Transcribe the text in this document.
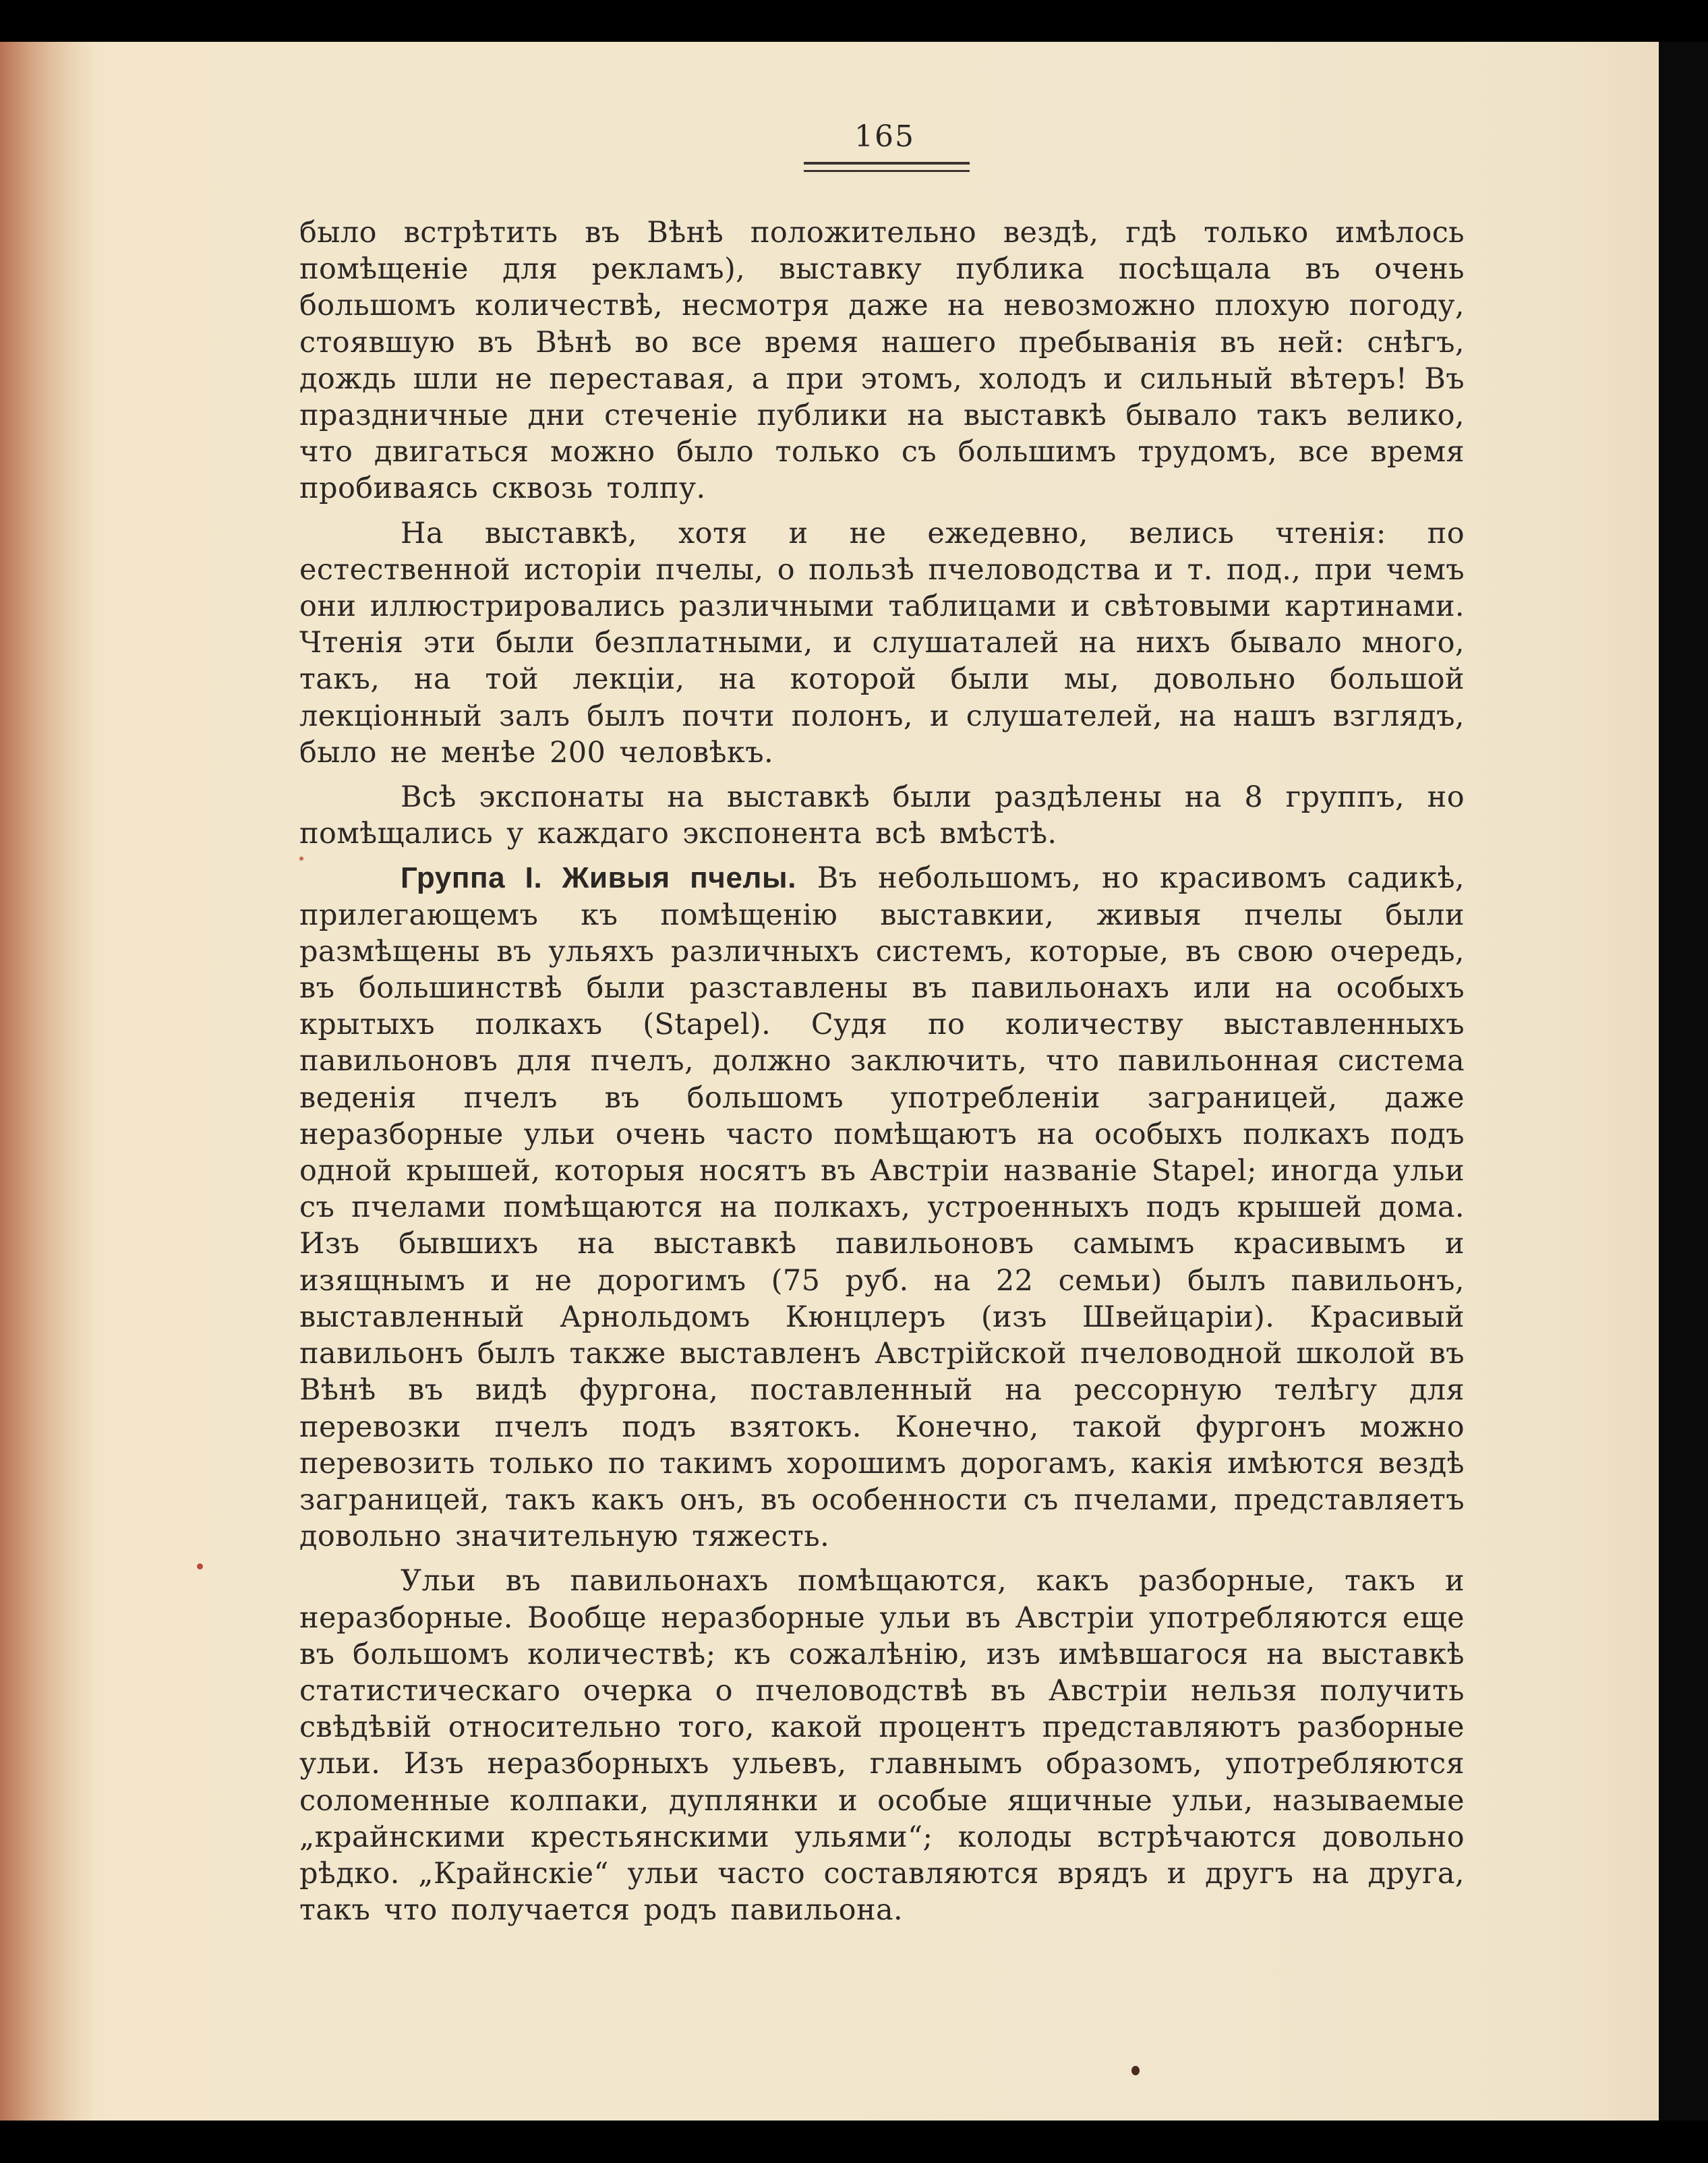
165

было встрѣтить въ Вѣнѣ положительно вездѣ, гдѣ только имѣлось помѣщеніе для рекламъ), выставку публика посѣщала въ очень большомъ количествѣ, несмотря даже на невозможно плохую погоду, стоявшую въ Вѣнѣ во все время нашего пребыванія въ ней: снѣгъ, дождь шли не переставая, а при этомъ, холодъ и сильный вѣтеръ! Въ праздничные дни стеченіе публики на выставкѣ бывало такъ велико, что двигаться можно было только съ большимъ трудомъ, все время пробиваясь сквозь толпу.

На выставкѣ, хотя и не ежедевно, велись чтенія: по естественной исторіи пчелы, о пользѣ пчеловодства и т. под., при чемъ они иллюстрировались различными таблицами и свѣтовыми картинами. Чтенія эти были безплатными, и слушаталей на нихъ бывало много, такъ, на той лекціи, на которой были мы, довольно большой лекціонный залъ былъ почти полонъ, и слушателей, на нашъ взглядъ, было не менѣе 200 человѣкъ.

Всѣ экспонаты на выставкѣ были раздѣлены на 8 группъ, но помѣщались у каждаго экспонента всѣ вмѣстѣ.

Группа I. Живыя пчелы. Въ небольшомъ, но красивомъ садикѣ, прилегающемъ къ помѣщенію выставкии, живыя пчелы были размѣщены въ ульяхъ различныхъ системъ, которые, въ свою очередь, въ большинствѣ были разставлены въ павильонахъ или на особыхъ крытыхъ полкахъ (Stapel). Судя по количеству выставленныхъ павильоновъ для пчелъ, должно заключить, что павильонная система веденія пчелъ въ большомъ употребленіи заграницей, даже неразборные ульи очень часто помѣщаютъ на особыхъ полкахъ подъ одной крышей, которыя носятъ въ Австріи названіе Stapel; иногда ульи съ пчелами помѣщаются на полкахъ, устроенныхъ подъ крышей дома. Изъ бывшихъ на выставкѣ павильоновъ самымъ красивымъ и изящнымъ и не дорогимъ (75 руб. на 22 семьи) былъ павильонъ, выставленный Арнольдомъ Кюнцлеръ (изъ Швейцаріи). Красивый павильонъ былъ также выставленъ Австрійской пчеловодной школой въ Вѣнѣ въ видѣ фургона, поставленный на рессорную телѣгу для перевозки пчелъ подъ взятокъ. Конечно, такой фургонъ можно перевозить только по такимъ хорошимъ дорогамъ, какія имѣются вездѣ заграницей, такъ какъ онъ, въ особенности съ пчелами, представляетъ довольно значительную тяжесть.

Ульи въ павильонахъ помѣщаются, какъ разборные, такъ и неразборные. Вообще неразборные ульи въ Австріи употребляются еще въ большомъ количествѣ; къ сожалѣнію, изъ имѣвшагося на выставкѣ статистическаго очерка о пчеловодствѣ въ Австріи нельзя получить свѣдѣвій относительно того, какой процентъ представляютъ разборные ульи. Изъ неразборныхъ ульевъ, главнымъ образомъ, употребляются соломенные колпаки, дуплянки и особые ящичные ульи, называемые „крайнскими крестьянскими ульями“; колоды встрѣчаются довольно рѣдко. „Крайнскіе“ ульи часто составляются врядъ и другъ на друга, такъ что получается родъ павильона.
